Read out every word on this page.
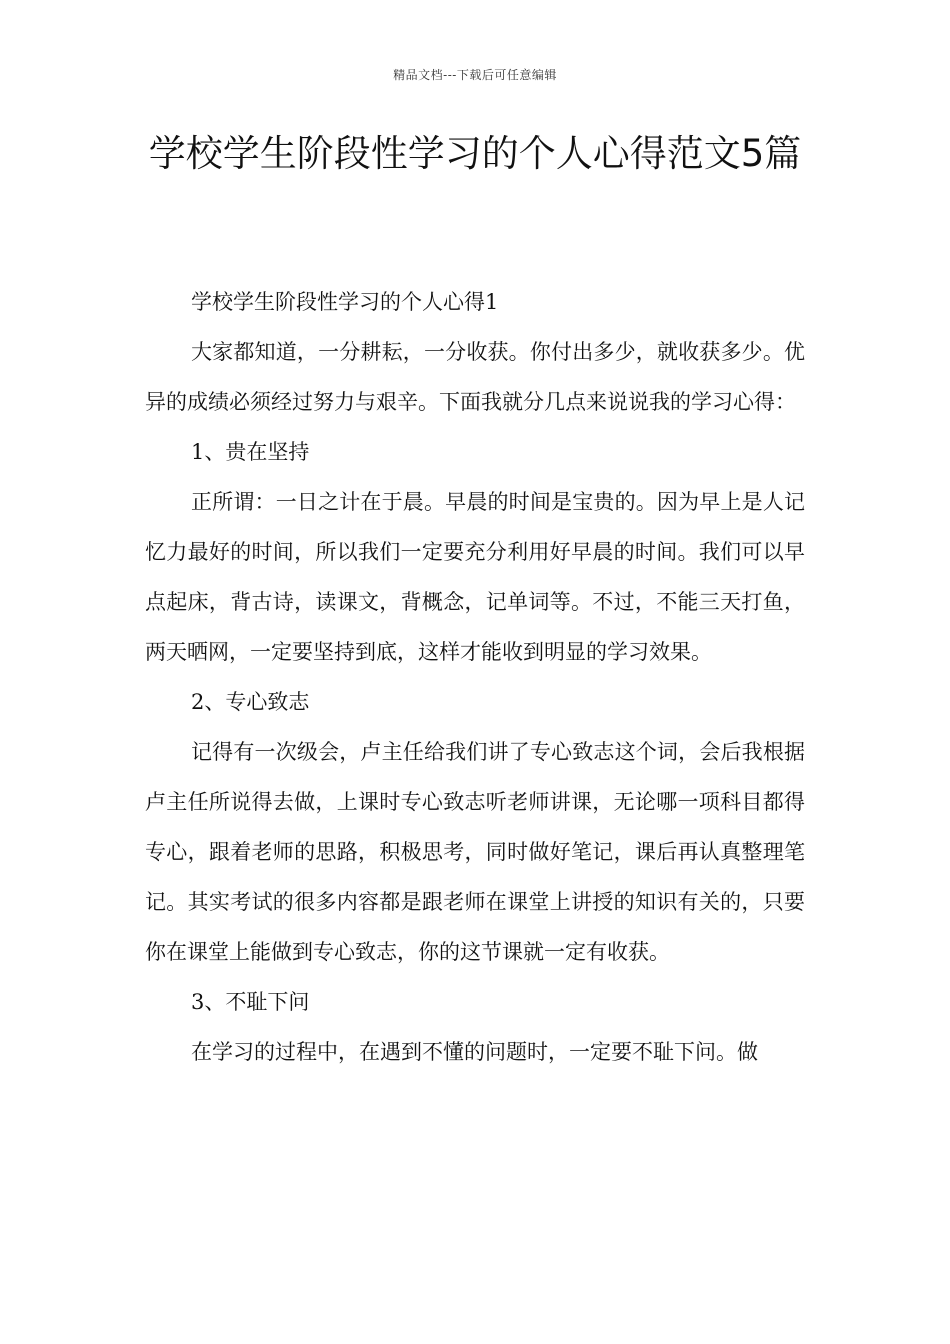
精品文档---下载后可任意编辑
学校学生阶段性学习的个人心得范文5篇

学校学生阶段性学习的个人心得1

大家都知道，一分耕耘，一分收获。你付出多少，就收获多少。优异的成绩必须经过努力与艰辛。下面我就分几点来说说我的学习心得：

1、贵在坚持

正所谓：一日之计在于晨。早晨的时间是宝贵的。因为早上是人记忆力最好的时间，所以我们一定要充分利用好早晨的时间。我们可以早点起床，背古诗，读课文，背概念，记单词等。不过，不能三天打鱼，两天晒网，一定要坚持到底，这样才能收到明显的学习效果。

2、专心致志

记得有一次级会，卢主任给我们讲了专心致志这个词，会后我根据卢主任所说得去做，上课时专心致志听老师讲课，无论哪一项科目都得专心，跟着老师的思路，积极思考，同时做好笔记，课后再认真整理笔记。其实考试的很多内容都是跟老师在课堂上讲授的知识有关的，只要你在课堂上能做到专心致志，你的这节课就一定有收获。

3、不耻下问

在学习的过程中，在遇到不懂的问题时，一定要不耻下问。做
